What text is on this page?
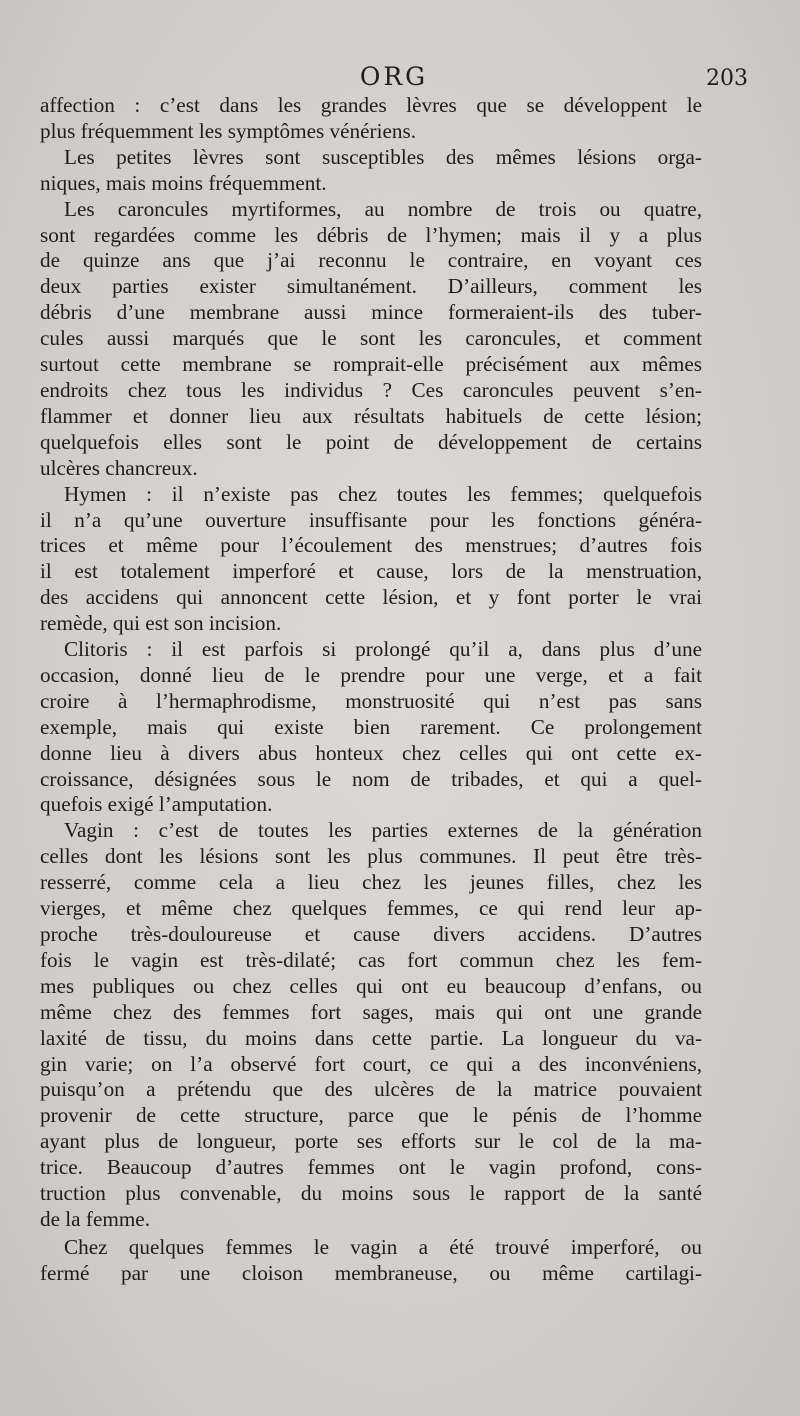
ORG	203
affection : c’est dans les grandes lèvres que se développent le
plus fréquemment les symptômes vénériens.
Les petites lèvres sont susceptibles des mêmes lésions orga-
niques, mais moins fréquemment.
Les caroncules myrtiformes, au nombre de trois ou quatre,
sont regardées comme les débris de l’hymen; mais il y a plus
de quinze ans que j’ai reconnu le contraire, en voyant ces
deux parties exister simultanément. D’ailleurs, comment les
débris d’une membrane aussi mince formeraient-ils des tuber-
cules aussi marqués que le sont les caroncules, et comment
surtout cette membrane se romprait-elle précisément aux mêmes
endroits chez tous les individus ? Ces caroncules peuvent s’en-
flammer et donner lieu aux résultats habituels de cette lésion;
quelquefois elles sont le point de développement de certains
ulcères chancreux.
Hymen : il n’existe pas chez toutes les femmes; quelquefois
il n’a qu’une ouverture insuffisante pour les fonctions généra-
trices et même pour l’écoulement des menstrues; d’autres fois
il est totalement imperforé et cause, lors de la menstruation,
des accidens qui annoncent cette lésion, et y font porter le vrai
remède, qui est son incision.
Clitoris : il est parfois si prolongé qu’il a, dans plus d’une
occasion, donné lieu de le prendre pour une verge, et a fait
croire à l’hermaphrodisme, monstruosité qui n’est pas sans
exemple, mais qui existe bien rarement. Ce prolongement
donne lieu à divers abus honteux chez celles qui ont cette ex-
croissance, désignées sous le nom de tribades, et qui a quel-
quefois exigé l’amputation.
Vagin : c’est de toutes les parties externes de la génération
celles dont les lésions sont les plus communes. Il peut être très-
resserré, comme cela a lieu chez les jeunes filles, chez les
vierges, et même chez quelques femmes, ce qui rend leur ap-
proche très-douloureuse et cause divers accidens. D’autres
fois le vagin est très-dilaté; cas fort commun chez les fem-
mes publiques ou chez celles qui ont eu beaucoup d’enfans, ou
même chez des femmes fort sages, mais qui ont une grande
laxité de tissu, du moins dans cette partie. La longueur du va-
gin varie; on l’a observé fort court, ce qui a des inconvéniens,
puisqu’on a prétendu que des ulcères de la matrice pouvaient
provenir de cette structure, parce que le pénis de l’homme
ayant plus de longueur, porte ses efforts sur le col de la ma-
trice. Beaucoup d’autres femmes ont le vagin profond, cons-
truction plus convenable, du moins sous le rapport de la santé
de la femme.
Chez quelques femmes le vagin a été trouvé imperforé, ou
fermé par une cloison membraneuse, ou même cartilagi-
